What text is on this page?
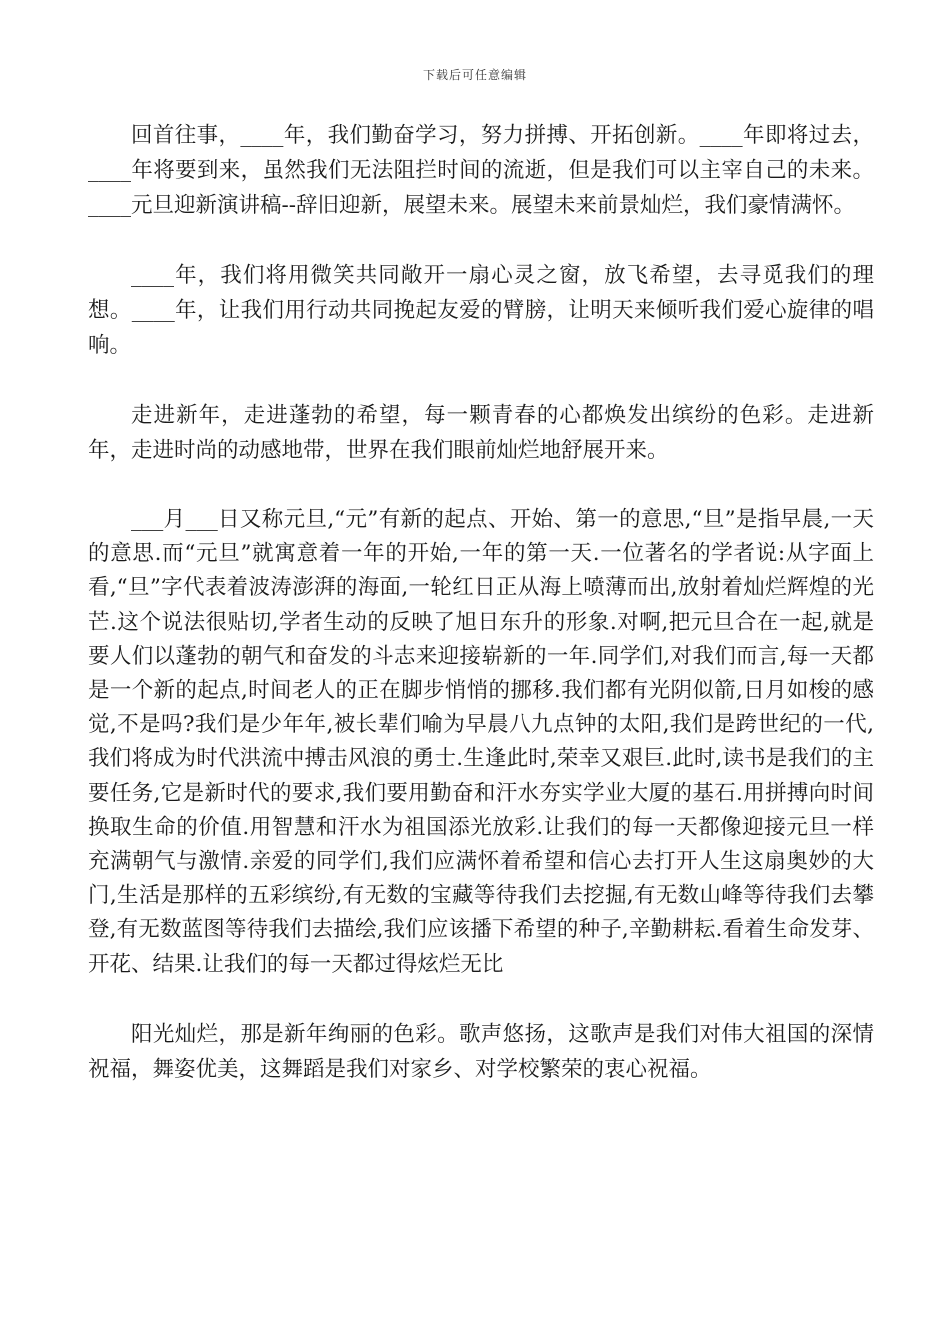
下载后可任意编辑

回首往事，____年，我们勤奋学习，努力拼搏、开拓创新。____年即将过去，____年将要到来，虽然我们无法阻拦时间的流逝，但是我们可以主宰自己的未来。____元旦迎新演讲稿--辞旧迎新，展望未来。展望未来前景灿烂，我们豪情满怀。

____年，我们将用微笑共同敞开一扇心灵之窗，放飞希望，去寻觅我们的理想。____年，让我们用行动共同挽起友爱的臂膀，让明天来倾听我们爱心旋律的唱响。

走进新年，走进蓬勃的希望，每一颗青春的心都焕发出缤纷的色彩。走进新年，走进时尚的动感地带，世界在我们眼前灿烂地舒展开来。

___月___日又称元旦,“元”有新的起点、开始、第一的意思,“旦”是指早晨,一天的意思.而“元旦”就寓意着一年的开始,一年的第一天.一位著名的学者说:从字面上看,“旦”字代表着波涛澎湃的海面,一轮红日正从海上喷薄而出,放射着灿烂辉煌的光芒.这个说法很贴切,学者生动的反映了旭日东升的形象.对啊,把元旦合在一起,就是要人们以蓬勃的朝气和奋发的斗志来迎接崭新的一年.同学们,对我们而言,每一天都是一个新的起点,时间老人的正在脚步悄悄的挪移.我们都有光阴似箭,日月如梭的感觉,不是吗?我们是少年年,被长辈们喻为早晨八九点钟的太阳,我们是跨世纪的一代,我们将成为时代洪流中搏击风浪的勇士.生逢此时,荣幸又艰巨.此时,读书是我们的主要任务,它是新时代的要求,我们要用勤奋和汗水夯实学业大厦的基石.用拼搏向时间换取生命的价值.用智慧和汗水为祖国添光放彩.让我们的每一天都像迎接元旦一样充满朝气与激情.亲爱的同学们,我们应满怀着希望和信心去打开人生这扇奥妙的大门,生活是那样的五彩缤纷,有无数的宝藏等待我们去挖掘,有无数山峰等待我们去攀登,有无数蓝图等待我们去描绘,我们应该播下希望的种子,辛勤耕耘.看着生命发芽、开花、结果.让我们的每一天都过得炫烂无比

阳光灿烂，那是新年绚丽的色彩。歌声悠扬，这歌声是我们对伟大祖国的深情祝福，舞姿优美，这舞蹈是我们对家乡、对学校繁荣的衷心祝福。
